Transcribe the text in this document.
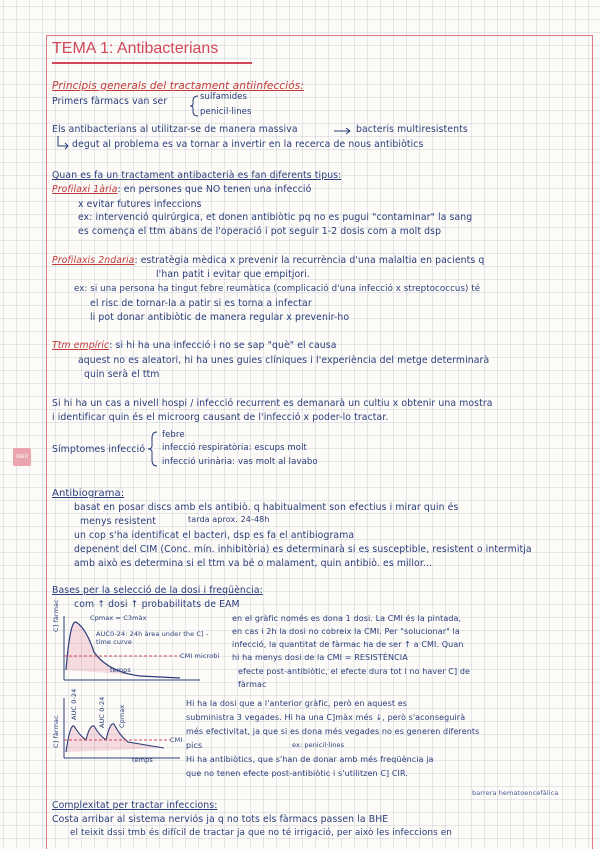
OAID
TEMA 1: Antibacterians
Principis generals del tractament antiinfecciós:
Primers fàrmacs van ser	sulfamides
penicil·lines
Els antibacterians al utilitzar-se de manera massiva	bacteris multiresistents
degut al problema es va tornar a invertir en la recerca de nous antibiòtics
Quan es fa un tractament antibacterià es fan diferents tipus:
Profilaxi 1ària: en persones que NO tenen una infecció
x evitar futures infeccions
ex: intervenció quirúrgica, et donen antibiòtic pq no es pugui "contaminar" la sang
es comença el ttm abans de l'operació i pot seguir 1-2 dosis com a molt dsp
Profilaxis 2ndaria: estratègia mèdica x prevenir la recurrència d'una malaltia en pacients q
l'han patit i evitar que empitjori.
ex: si una persona ha tingut febre reumàtica (complicació d'una infecció x streptococcus) té
el risc de tornar-la a patir si es torna a infectar
li pot donar antibiòtic de manera regular x prevenir-ho
Ttm empíric: si hi ha una infecció i no se sap "què" el causa
aquest no es aleatori, hi ha unes guies clíniques i l'experiència del metge determinarà
quin serà el ttm
Si hi ha un cas a nivell hospi / infecció recurrent es demanarà un cultiu x obtenir una mostra
i identificar quin és el microorg causant de l'infecció x poder-lo tractar.
Símptomes infecció
febre
infecció respiratòria: escups molt
infecció urinària: vas molt al lavabo
Antibiograma:
basat en posar discs amb els antibiò. q habitualment son efectius i mirar quin és
menys resistent	tarda aprox. 24-48h
un cop s'ha identificat el bacteri, dsp es fa el antibiograma
depenent del CIM (Conc. mín. inhibitòria) es determinarà si es susceptible, resistent o intermitja
amb això es determina si el ttm va bé o malament, quin antibiò. es millor...
Bases per la selecció de la dosi i freqüència:
com ↑ dosi ↑ probabilitats de EAM
C] fàrmac	Cpmax = C3màx
AUC0-24: 24h àrea under the C] - time curve
CMI microbi
temps
en el gràfic només es dona 1 dosi. La CMI és la pintada,
en cas i 2h la dosi no cobreix la CMI. Per "solucionar" la
infecció, la quantitat de fàrmac ha de ser ↑ a CMI. Quan
hi ha menys dosi de la CMI = RESISTÈNCIA
efecte post-antibiòtic, el efecte dura tot i no haver C] de
fàrmac
C] fàrmac
AUC 0-24	AUC 0-24 Cpmax
CMI
temps
Hi ha la dosi que a l'anterior gràfic, però en aquest es
subministra 3 vegades. Hi ha una C]màx més ↓, però s'aconseguirà
més efectivitat, ja que si es dona més vegades no es generen diferents
pics	ex: penicil·lines
Hi ha antibiòtics, que s'han de donar amb més freqüència ja
que no tenen efecte post-antibiòtic i s'utilitzen C] CIR.
barrera hematoencefàlica
Complexitat per tractar infeccions:
Costa arribar al sistema nerviós ja q no tots els fàrmacs passen la BHE
el teixit dssi tmb és difícil de tractar ja que no té irrigació, per això les infeccions en
